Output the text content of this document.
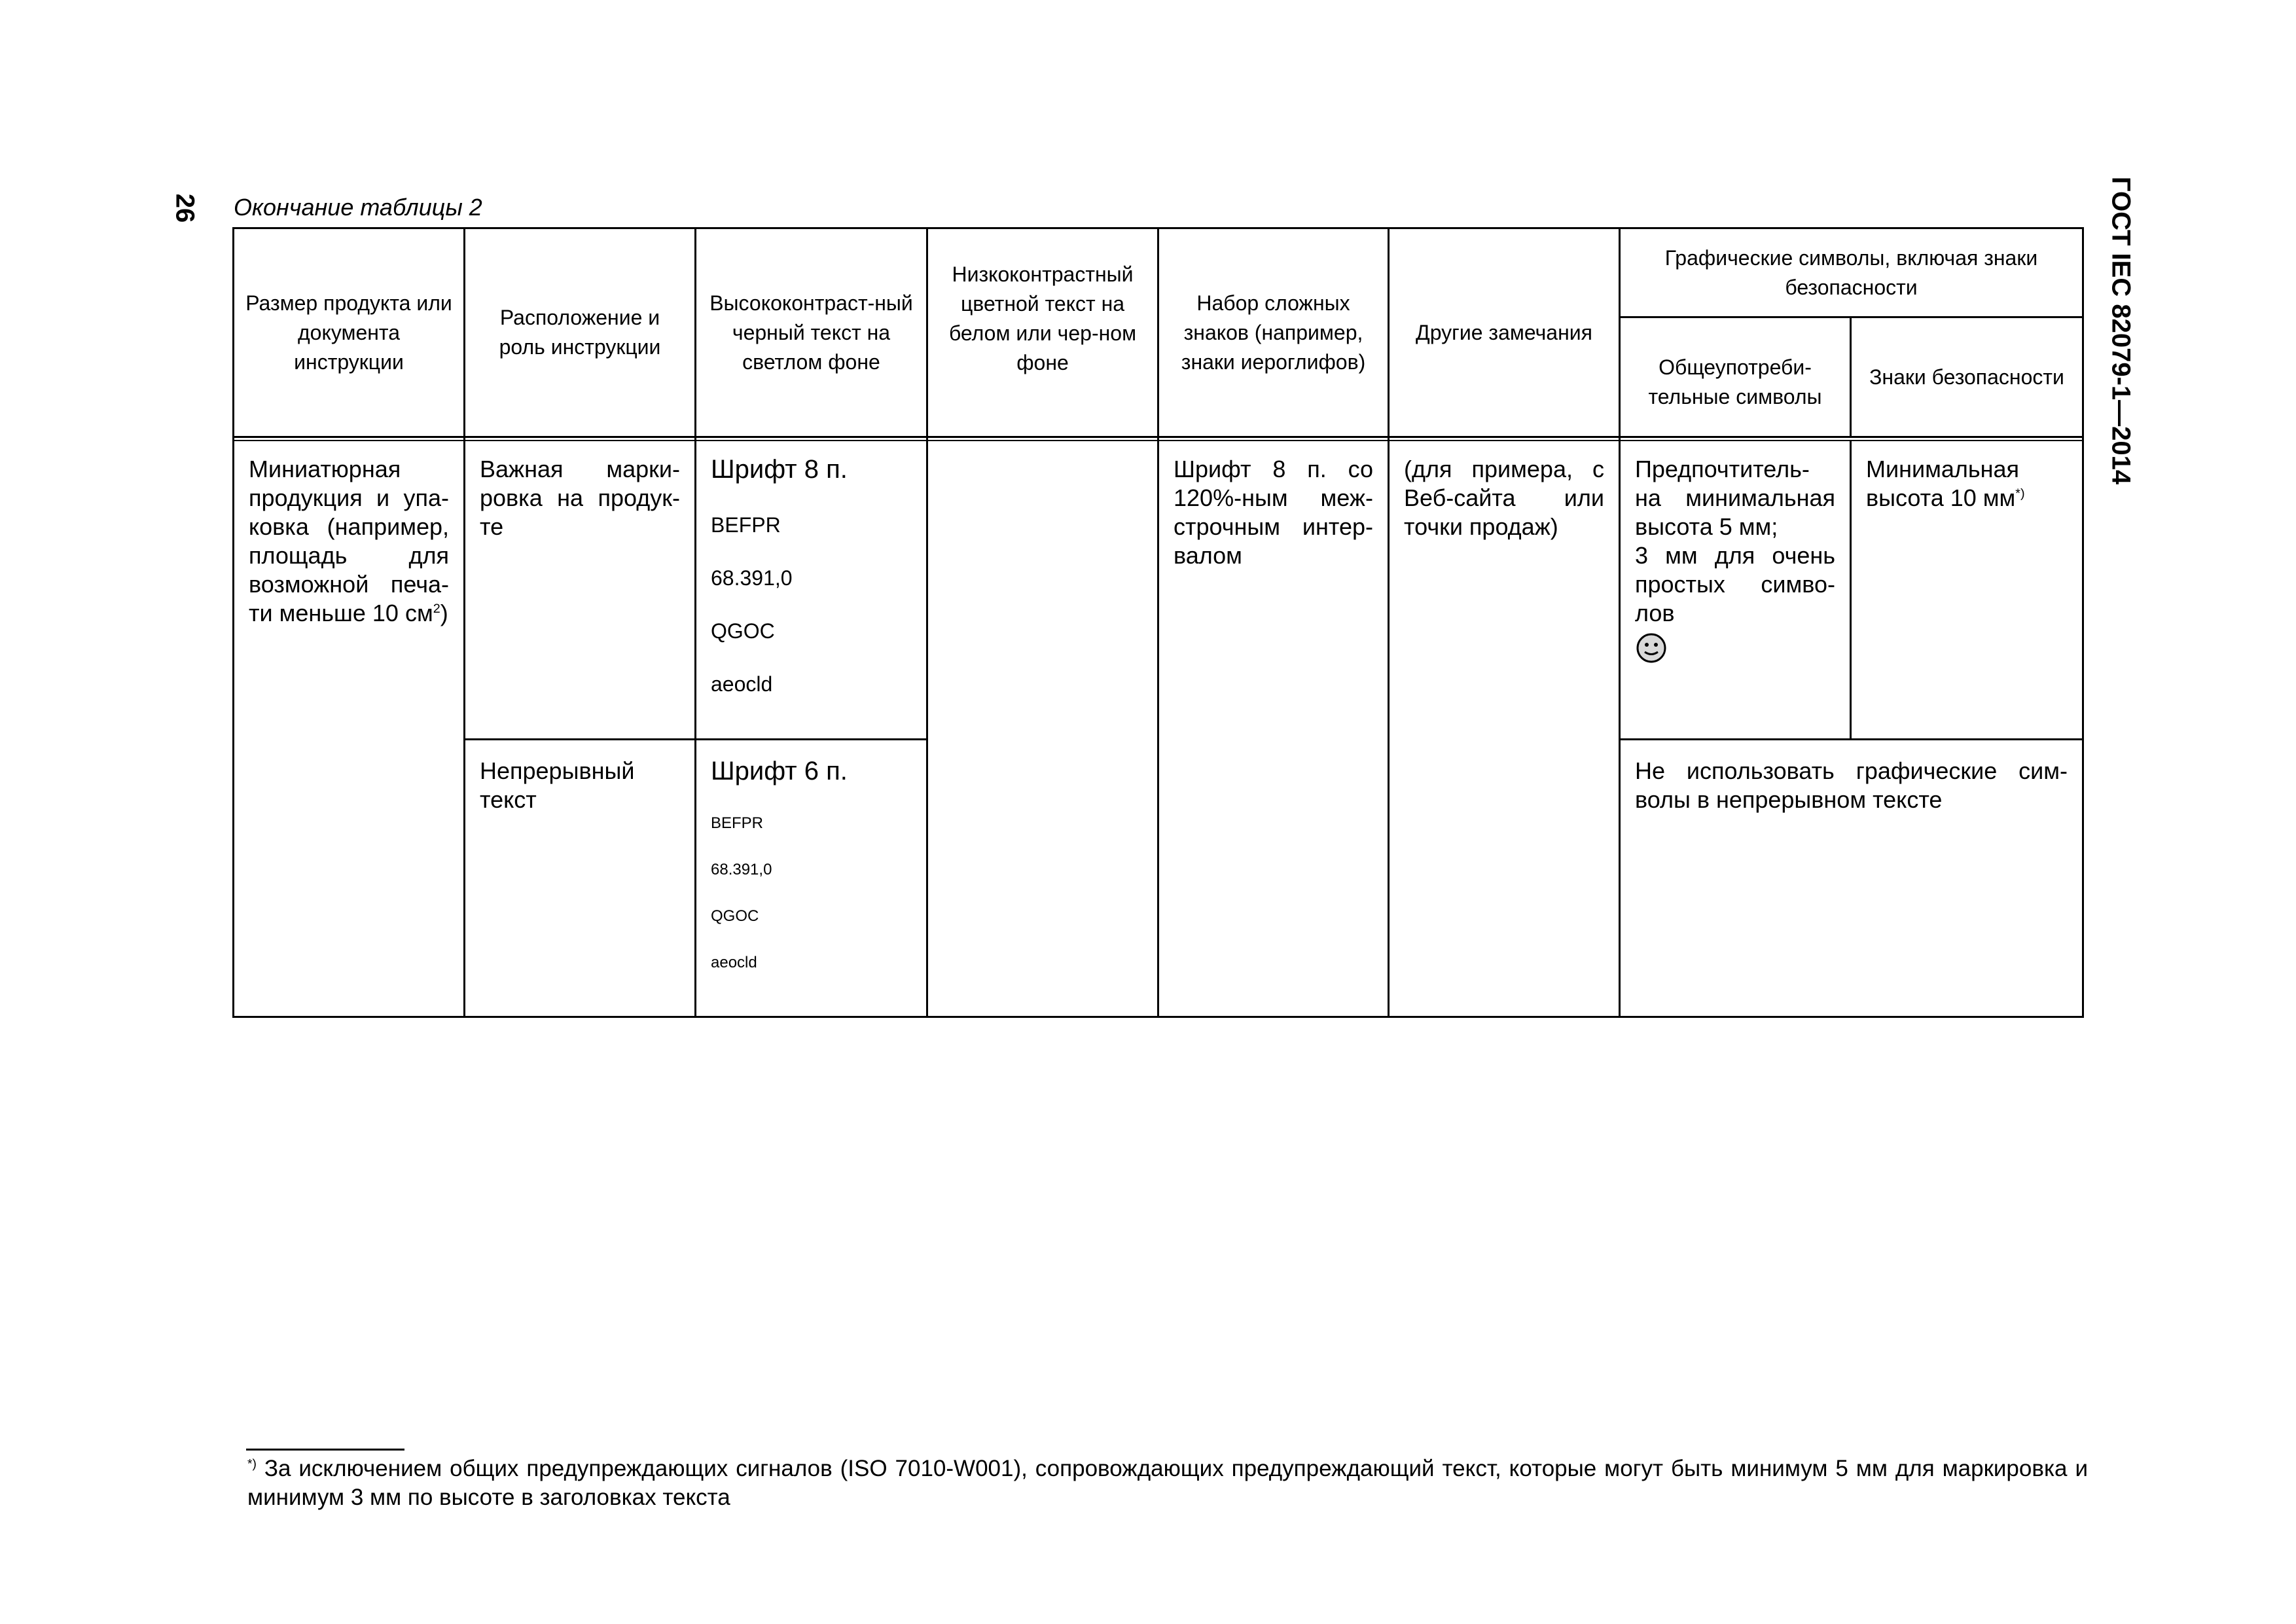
26	ГОСТ IEC 82079-1—2014
Окончание таблицы 2
Размер продукта или документа инструкции
Расположение и роль инструкции
Высококонтраст-ный черный текст на светлом фоне
Низкоконтрастный цветной текст на белом или чер-ном фоне
Набор сложных знаков (например, знаки иероглифов)
Другие замечания
Графические символы, включая знаки безопасности
Общеупотреби-тельные символы
Знаки безопасности
Миниатюрная продукция и упа-ковка (например, площадь для возможной печа-ти меньше 10 $см^2$)
Важная марки-ровка на продук-те
Шрифт 8 п.
BEFPR
68.391,0
QGOC
aeocld
Шрифт 8 п. со 120%-ным меж-строчным интер-валом
(для примера, с Веб-сайта или точки продаж)
Предпочтитель-на минимальная высота 5 мм;
3 мм для очень простых симво-лов
Минимальная высота 10 мм*)
Непрерывный текст
Шрифт 6 п.
BEFPR
68.391,0
QGOC
aeocld
Не использовать графические сим-волы в непрерывном тексте
*) За исключением общих предупреждающих сигналов (ISO 7010-W001), сопровождающих предупреждающий текст, которые могут быть минимум 5 мм для маркировка и минимум 3 мм по высоте в заголовках текста
